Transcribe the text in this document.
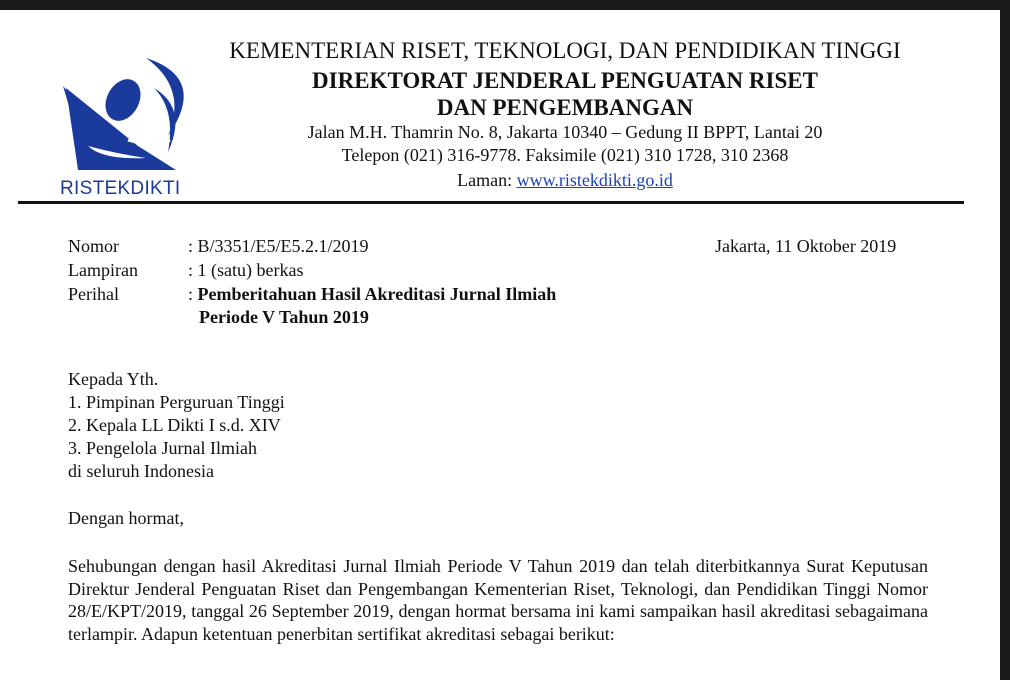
RISTEKDIKTI
KEMENTERIAN RISET, TEKNOLOGI, DAN PENDIDIKAN TINGGI
DIREKTORAT JENDERAL PENGUATAN RISET
DAN PENGEMBANGAN
Jalan M.H. Thamrin No. 8, Jakarta 10340 – Gedung II BPPT, Lantai 20
Telepon (021) 316-9778. Faksimile (021) 310 1728, 310 2368
Laman: www.ristekdikti.go.id
Nomor	: B/3351/E5/E5.2.1/2019	Jakarta, 11 Oktober 2019
Lampiran	: 1 (satu) berkas
Perihal	: Pemberitahuan Hasil Akreditasi Jurnal Ilmiah
Periode V Tahun 2019
Kepada Yth.
1. Pimpinan Perguruan Tinggi
2. Kepala LL Dikti I s.d. XIV
3. Pengelola Jurnal Ilmiah
di seluruh Indonesia
Dengan hormat,
Sehubungan dengan hasil Akreditasi Jurnal Ilmiah Periode V Tahun 2019 dan telah diterbitkannya Surat Keputusan Direktur Jenderal Penguatan Riset dan Pengembangan Kementerian Riset, Teknologi, dan Pendidikan Tinggi Nomor 28/E/KPT/2019, tanggal 26 September 2019, dengan hormat bersama ini kami sampaikan hasil akreditasi sebagaimana terlampir. Adapun ketentuan penerbitan sertifikat akreditasi sebagai berikut:
